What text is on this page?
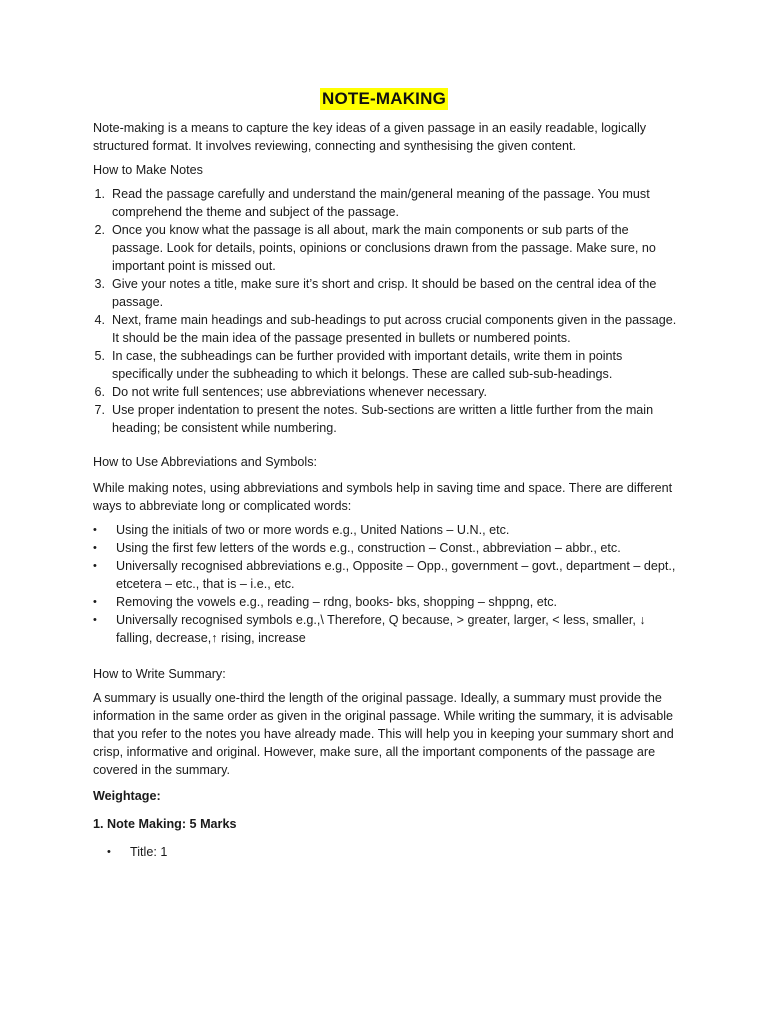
NOTE-MAKING

Note-making is a means to capture the key ideas of a given passage in an easily readable, logically structured format. It involves reviewing, connecting and synthesising the given content.

How to Make Notes

1. Read the passage carefully and understand the main/general meaning of the passage. You must comprehend the theme and subject of the passage.
2. Once you know what the passage is all about, mark the main components or sub parts of the passage. Look for details, points, opinions or conclusions drawn from the passage. Make sure, no important point is missed out.
3. Give your notes a title, make sure it’s short and crisp. It should be based on the central idea of the passage.
4. Next, frame main headings and sub-headings to put across crucial components given in the passage. It should be the main idea of the passage presented in bullets or numbered points.
5. In case, the subheadings can be further provided with important details, write them in points specifically under the subheading to which it belongs. These are called sub-sub-headings.
6. Do not write full sentences; use abbreviations whenever necessary.
7. Use proper indentation to present the notes. Sub-sections are written a little further from the main heading; be consistent while numbering.

How to Use Abbreviations and Symbols:

While making notes, using abbreviations and symbols help in saving time and space. There are different ways to abbreviate long or complicated words:

• Using the initials of two or more words e.g., United Nations – U.N., etc.
• Using the first few letters of the words e.g., construction – Const., abbreviation – abbr., etc.
• Universally recognised abbreviations e.g., Opposite – Opp., government – govt., department – dept., etcetera – etc., that is – i.e., etc.
• Removing the vowels e.g., reading – rdng, books- bks, shopping – shppng, etc.
• Universally recognised symbols e.g.,\ Therefore, Q because, > greater, larger, < less, smaller, ↓ falling, decrease,↑ rising, increase

How to Write Summary:

A summary is usually one-third the length of the original passage. Ideally, a summary must provide the information in the same order as given in the original passage. While writing the summary, it is advisable that you refer to the notes you have already made. This will help you in keeping your summary short and crisp, informative and original. However, make sure, all the important components of the passage are covered in the summary.

Weightage:

1. Note Making: 5 Marks

• Title: 1
